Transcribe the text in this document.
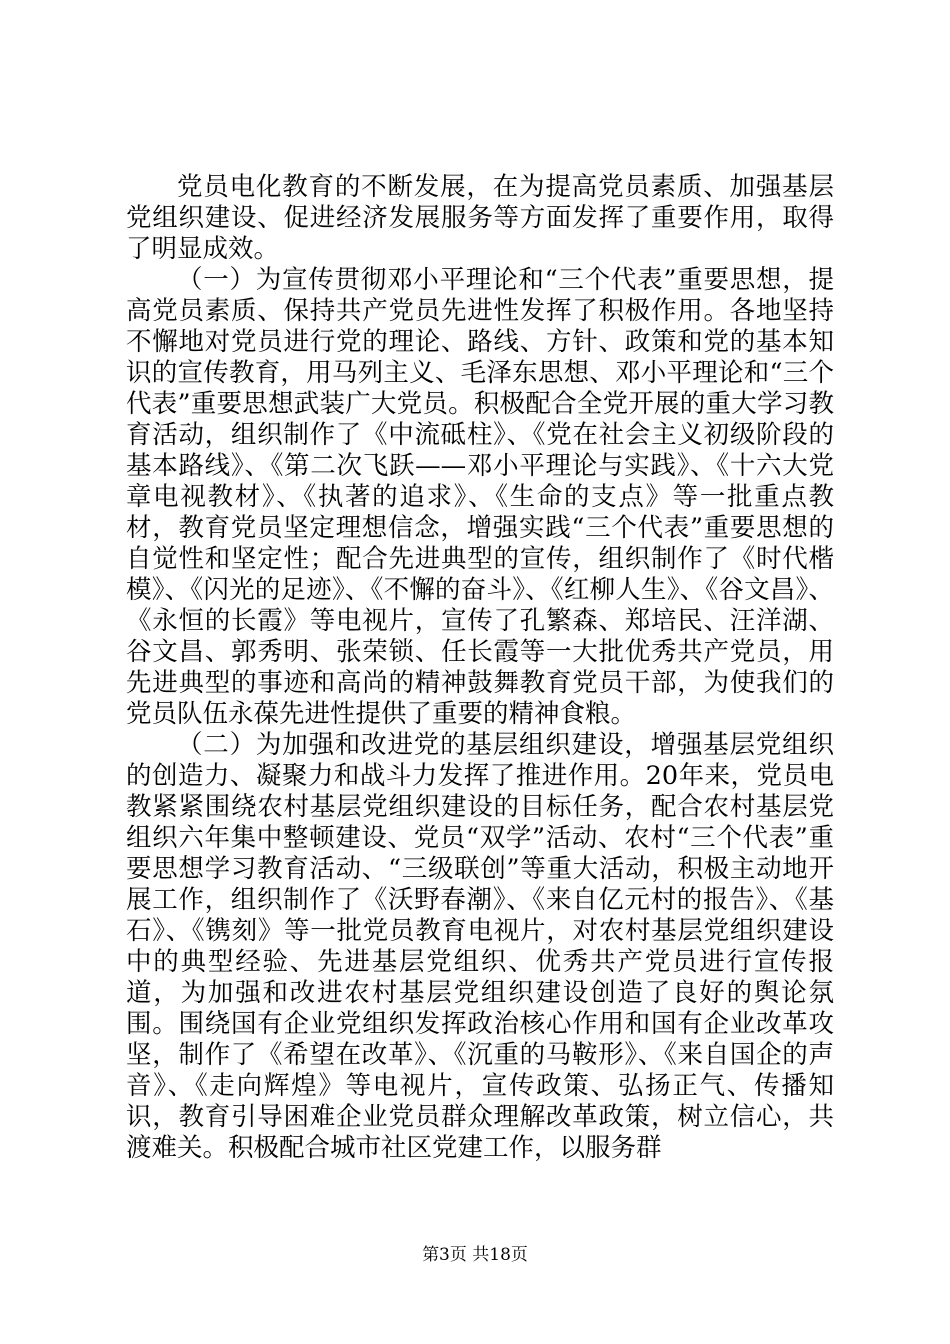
党员电化教育的不断发展，在为提高党员素质、加强基层党组织建设、促进经济发展服务等方面发挥了重要作用，取得了明显成效。

（一）为宣传贯彻邓小平理论和“三个代表”重要思想，提高党员素质、保持共产党员先进性发挥了积极作用。各地坚持不懈地对党员进行党的理论、路线、方针、政策和党的基本知识的宣传教育，用马列主义、毛泽东思想、邓小平理论和“三个代表”重要思想武装广大党员。积极配合全党开展的重大学习教育活动，组织制作了《中流砥柱》、《党在社会主义初级阶段的基本路线》、《第二次飞跃——邓小平理论与实践》、《十六大党章电视教材》、《执著的追求》、《生命的支点》等一批重点教材，教育党员坚定理想信念，增强实践“三个代表”重要思想的自觉性和坚定性；配合先进典型的宣传，组织制作了《时代楷模》、《闪光的足迹》、《不懈的奋斗》、《红柳人生》、《谷文昌》、《永恒的长霞》等电视片，宣传了孔繁森、郑培民、汪洋湖、谷文昌、郭秀明、张荣锁、任长霞等一大批优秀共产党员，用先进典型的事迹和高尚的精神鼓舞教育党员干部，为使我们的党员队伍永葆先进性提供了重要的精神食粮。

（二）为加强和改进党的基层组织建设，增强基层党组织的创造力、凝聚力和战斗力发挥了推进作用。20年来，党员电教紧紧围绕农村基层党组织建设的目标任务，配合农村基层党组织六年集中整顿建设、党员“双学”活动、农村“三个代表”重要思想学习教育活动、“三级联创”等重大活动，积极主动地开展工作，组织制作了《沃野春潮》、《来自亿元村的报告》、《基石》、《镌刻》等一批党员教育电视片，对农村基层党组织建设中的典型经验、先进基层党组织、优秀共产党员进行宣传报道，为加强和改进农村基层党组织建设创造了良好的舆论氛围。围绕国有企业党组织发挥政治核心作用和国有企业改革攻坚，制作了《希望在改革》、《沉重的马鞍形》、《来自国企的声音》、《走向辉煌》等电视片，宣传政策、弘扬正气、传播知识，教育引导困难企业党员群众理解改革政策，树立信心，共渡难关。积极配合城市社区党建工作，以服务群

第3页 共18页
